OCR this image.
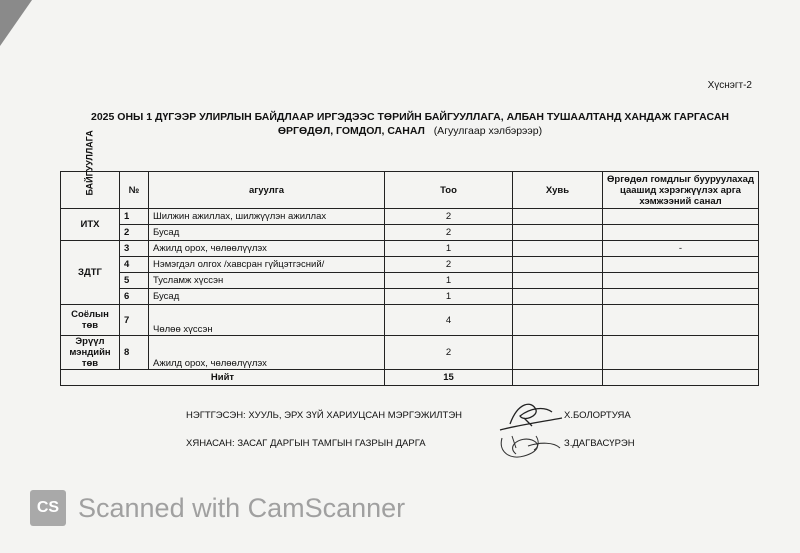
Хүснэгт-2
2025 ОНЫ 1 ДҮГЭЭР УЛИРЛЫН БАЙДЛААР ИРГЭДЭЭС ТӨРИЙН БАЙГУУЛЛАГА, АЛБАН ТУШААЛТАНД ХАНДАЖ ГАРГАСАН
ӨРГӨДӨЛ, ГОМДОЛ, САНАЛ (Агуулгаар хэлбэрээр)
БАЙГУУЛЛАГА	№	агуулга	Тоо	Хувь	Өргөдөл гомдлыг бууруулахад цаашид хэрэгжүүлэх арга хэмжээний санал
ИТХ	1	Шилжин ажиллах, шилжүүлэн ажиллах	2		
	2	Бусад	2		
ЗДТГ	3	Ажилд орох, чөлөөлүүлэх	1		-
	4	Нэмэгдэл олгох /хавсран гүйцэтгэсний/	2		
	5	Тусламж хүссэн	1		
	6	Бусад	1		
Соёлын төв	7	Чөлөө хүссэн	4		
Эрүүл мэндийн төв	8	Ажилд орох, чөлөөлүүлэх	2		
Нийт			15		
НЭГТГЭСЭН: ХУУЛЬ, ЭРХ ЗҮЙ ХАРИУЦСАН МЭРГЭЖИЛТЭН	Х.БОЛОРТУЯА
ХЯНАСАН: ЗАСАГ ДАРГЫН ТАМГЫН ГАЗРЫН ДАРГА	З.ДАГВАСҮРЭН
CS Scanned with CamScanner
